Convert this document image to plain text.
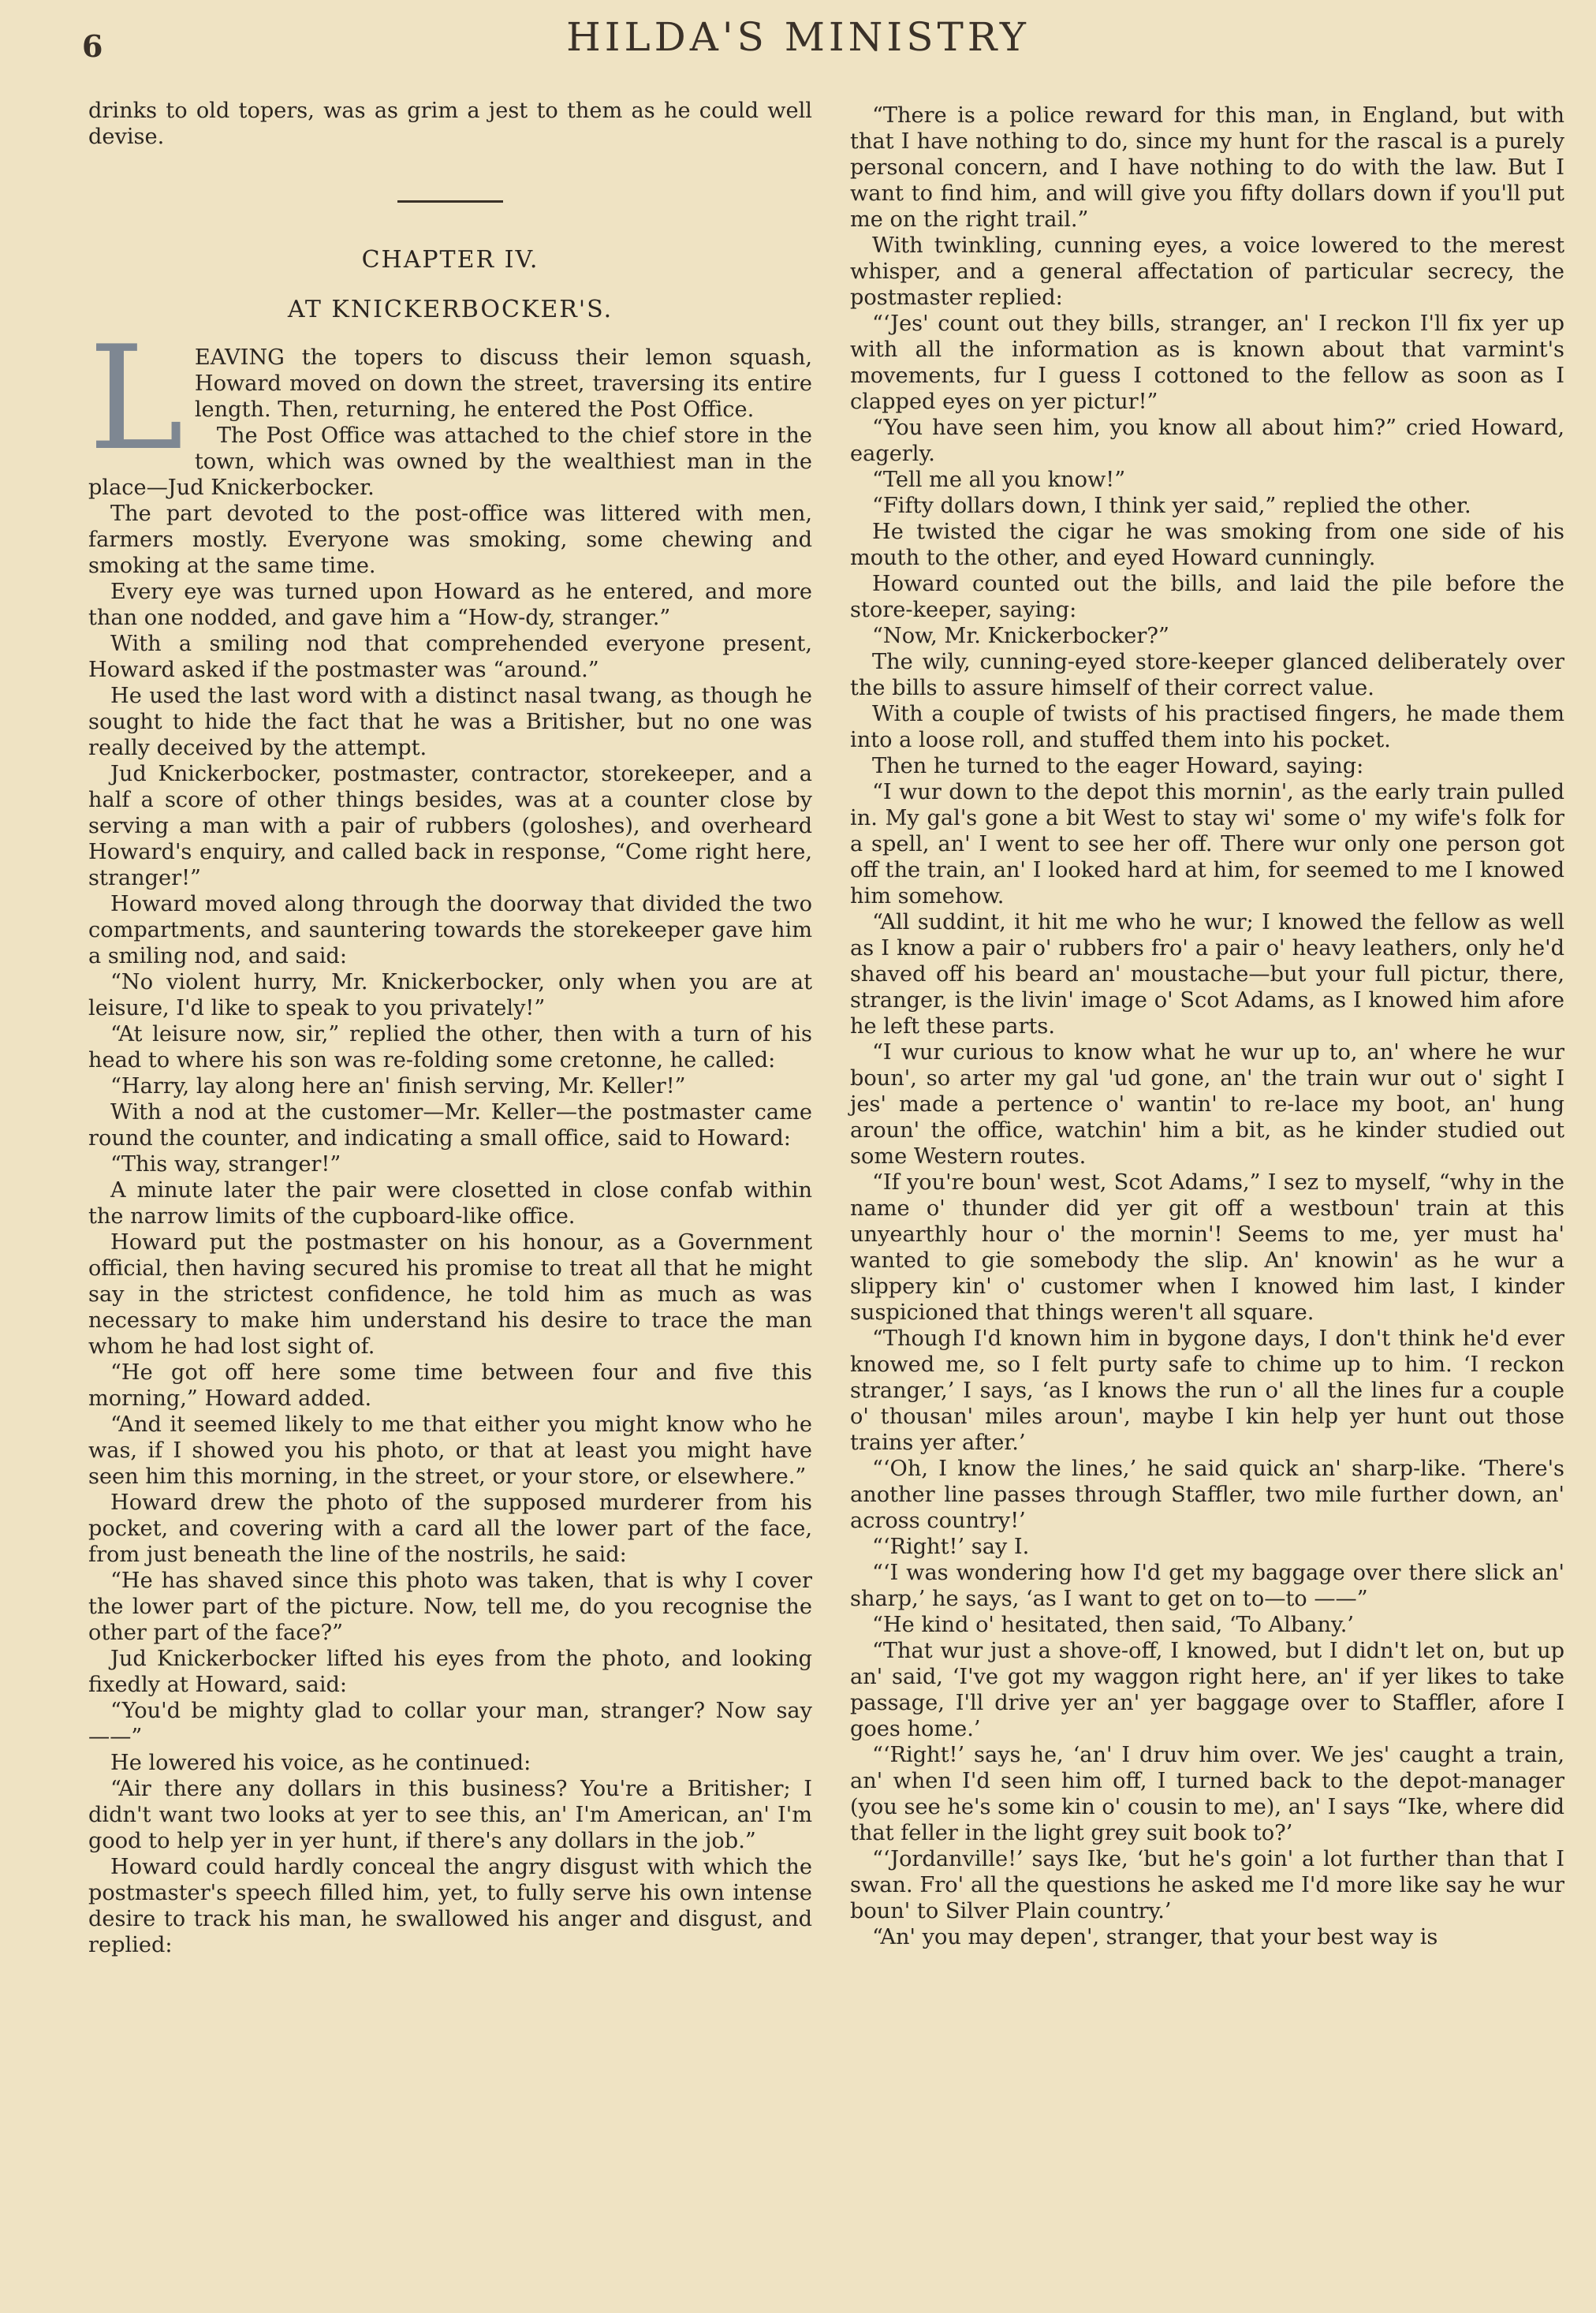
6	HILDA'S MINISTRY

drinks to old topers, was as grim a jest to them as he could well devise.

CHAPTER IV.
AT KNICKERBOCKER'S.

LEAVING the topers to discuss their lemon squash, Howard moved on down the street, traversing its entire length. Then, returning, he entered the Post Office.

The Post Office was attached to the chief store in the town, which was owned by the wealthiest man in the place—Jud Knickerbocker.

The part devoted to the post-office was littered with men, farmers mostly. Everyone was smoking, some chewing and smoking at the same time.

Every eye was turned upon Howard as he entered, and more than one nodded, and gave him a “How-dy, stranger.”

With a smiling nod that comprehended everyone present, Howard asked if the postmaster was “around.”

He used the last word with a distinct nasal twang, as though he sought to hide the fact that he was a Britisher, but no one was really deceived by the attempt.

Jud Knickerbocker, postmaster, contractor, storekeeper, and a half a score of other things besides, was at a counter close by serving a man with a pair of rubbers (goloshes), and overheard Howard's enquiry, and called back in response, “Come right here, stranger!”

Howard moved along through the doorway that divided the two compartments, and sauntering towards the storekeeper gave him a smiling nod, and said:

“No violent hurry, Mr. Knickerbocker, only when you are at leisure, I'd like to speak to you privately!”

“At leisure now, sir,” replied the other, then with a turn of his head to where his son was re-folding some cretonne, he called:

“Harry, lay along here an' finish serving, Mr. Keller!”

With a nod at the customer—Mr. Keller—the postmaster came round the counter, and indicating a small office, said to Howard:

“This way, stranger!”

A minute later the pair were closetted in close confab within the narrow limits of the cupboard-like office.

Howard put the postmaster on his honour, as a Government official, then having secured his promise to treat all that he might say in the strictest confidence, he told him as much as was necessary to make him understand his desire to trace the man whom he had lost sight of.

“He got off here some time between four and five this morning,” Howard added.

“And it seemed likely to me that either you might know who he was, if I showed you his photo, or that at least you might have seen him this morning, in the street, or your store, or elsewhere.”

Howard drew the photo of the supposed murderer from his pocket, and covering with a card all the lower part of the face, from just beneath the line of the nostrils, he said:

“He has shaved since this photo was taken, that is why I cover the lower part of the picture. Now, tell me, do you recognise the other part of the face?”

Jud Knickerbocker lifted his eyes from the photo, and looking fixedly at Howard, said:

“You'd be mighty glad to collar your man, stranger? Now say——”

He lowered his voice, as he continued:

“Air there any dollars in this business? You're a Britisher; I didn't want two looks at yer to see this, an' I'm American, an' I'm good to help yer in yer hunt, if there's any dollars in the job.”

Howard could hardly conceal the angry disgust with which the postmaster's speech filled him, yet, to fully serve his own intense desire to track his man, he swallowed his anger and disgust, and replied:

“There is a police reward for this man, in England, but with that I have nothing to do, since my hunt for the rascal is a purely personal concern, and I have nothing to do with the law. But I want to find him, and will give you fifty dollars down if you'll put me on the right trail.”

With twinkling, cunning eyes, a voice lowered to the merest whisper, and a general affectation of particular secrecy, the postmaster replied:

“‘Jes' count out they bills, stranger, an' I reckon I'll fix yer up with all the information as is known about that varmint's movements, fur I guess I cottoned to the fellow as soon as I clapped eyes on yer pictur!”

“You have seen him, you know all about him?” cried Howard, eagerly.

“Tell me all you know!”

“Fifty dollars down, I think yer said,” replied the other.

He twisted the cigar he was smoking from one side of his mouth to the other, and eyed Howard cunningly.

Howard counted out the bills, and laid the pile before the store-keeper, saying:

“Now, Mr. Knickerbocker?”

The wily, cunning-eyed store-keeper glanced deliberately over the bills to assure himself of their correct value.

With a couple of twists of his practised fingers, he made them into a loose roll, and stuffed them into his pocket.

Then he turned to the eager Howard, saying:

“I wur down to the depot this mornin', as the early train pulled in. My gal's gone a bit West to stay wi' some o' my wife's folk for a spell, an' I went to see her off. There wur only one person got off the train, an' I looked hard at him, for seemed to me I knowed him somehow.

“All suddint, it hit me who he wur; I knowed the fellow as well as I know a pair o' rubbers fro' a pair o' heavy leathers, only he'd shaved off his beard an' moustache—but your full pictur, there, stranger, is the livin' image o' Scot Adams, as I knowed him afore he left these parts.

“I wur curious to know what he wur up to, an' where he wur boun', so arter my gal 'ud gone, an' the train wur out o' sight I jes' made a pertence o' wantin' to re-lace my boot, an' hung aroun' the office, watchin' him a bit, as he kinder studied out some Western routes.

“If you're boun' west, Scot Adams,” I sez to myself, “why in the name o' thunder did yer git off a westboun' train at this unyearthly hour o' the mornin'! Seems to me, yer must ha' wanted to gie somebody the slip. An' knowin' as he wur a slippery kin' o' customer when I knowed him last, I kinder suspicioned that things weren't all square.

“Though I'd known him in bygone days, I don't think he'd ever knowed me, so I felt purty safe to chime up to him. ‘I reckon stranger,’ I says, ‘as I knows the run o' all the lines fur a couple o' thousan' miles aroun', maybe I kin help yer hunt out those trains yer after.’

“‘Oh, I know the lines,’ he said quick an' sharp-like. ‘There's another line passes through Staffler, two mile further down, an' across country!’

“‘Right!’ say I.

“‘I was wondering how I'd get my baggage over there slick an' sharp,’ he says, ‘as I want to get on to—to ——”

“He kind o' hesitated, then said, ‘To Albany.’

“That wur just a shove-off, I knowed, but I didn't let on, but up an' said, ‘I've got my waggon right here, an' if yer likes to take passage, I'll drive yer an' yer baggage over to Staffler, afore I goes home.’

“‘Right!’ says he, ‘an' I druv him over. We jes' caught a train, an' when I'd seen him off, I turned back to the depot-manager (you see he's some kin o' cousin to me), an' I says “Ike, where did that feller in the light grey suit book to?’

“‘Jordanville!’ says Ike, ‘but he's goin' a lot further than that I swan. Fro' all the questions he asked me I'd more like say he wur boun' to Silver Plain country.’

“An' you may depen', stranger, that your best way is
